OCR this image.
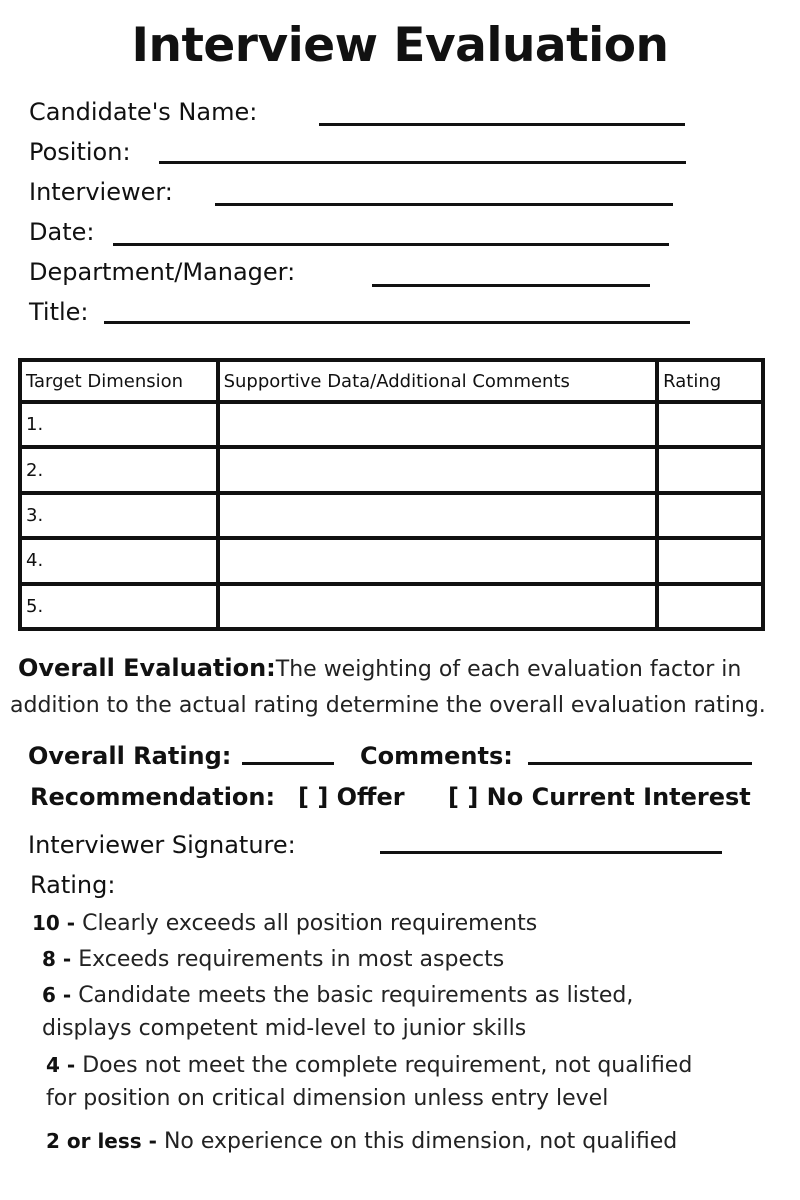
Interview Evaluation
Candidate's Name:
Position:
Interviewer:
Date:
Department/Manager:
Title:
Target Dimension	Supportive Data/Additional Comments	Rating
1.		
2.		
3.		
4.		
5.		
Overall Evaluation:The weighting of each evaluation factor in addition to the actual rating determine the overall evaluation rating.
Overall Rating:	Comments:
Recommendation: [ ] Offer [ ] No Current Interest
Interviewer Signature:
Rating:
10 - Clearly exceeds all position requirements
8 - Exceeds requirements in most aspects
6 - Candidate meets the basic requirements as listed,
displays competent mid-level to junior skills
4 - Does not meet the complete requirement, not qualified
for position on critical dimension unless entry level
2 or less - No experience on this dimension, not qualified
